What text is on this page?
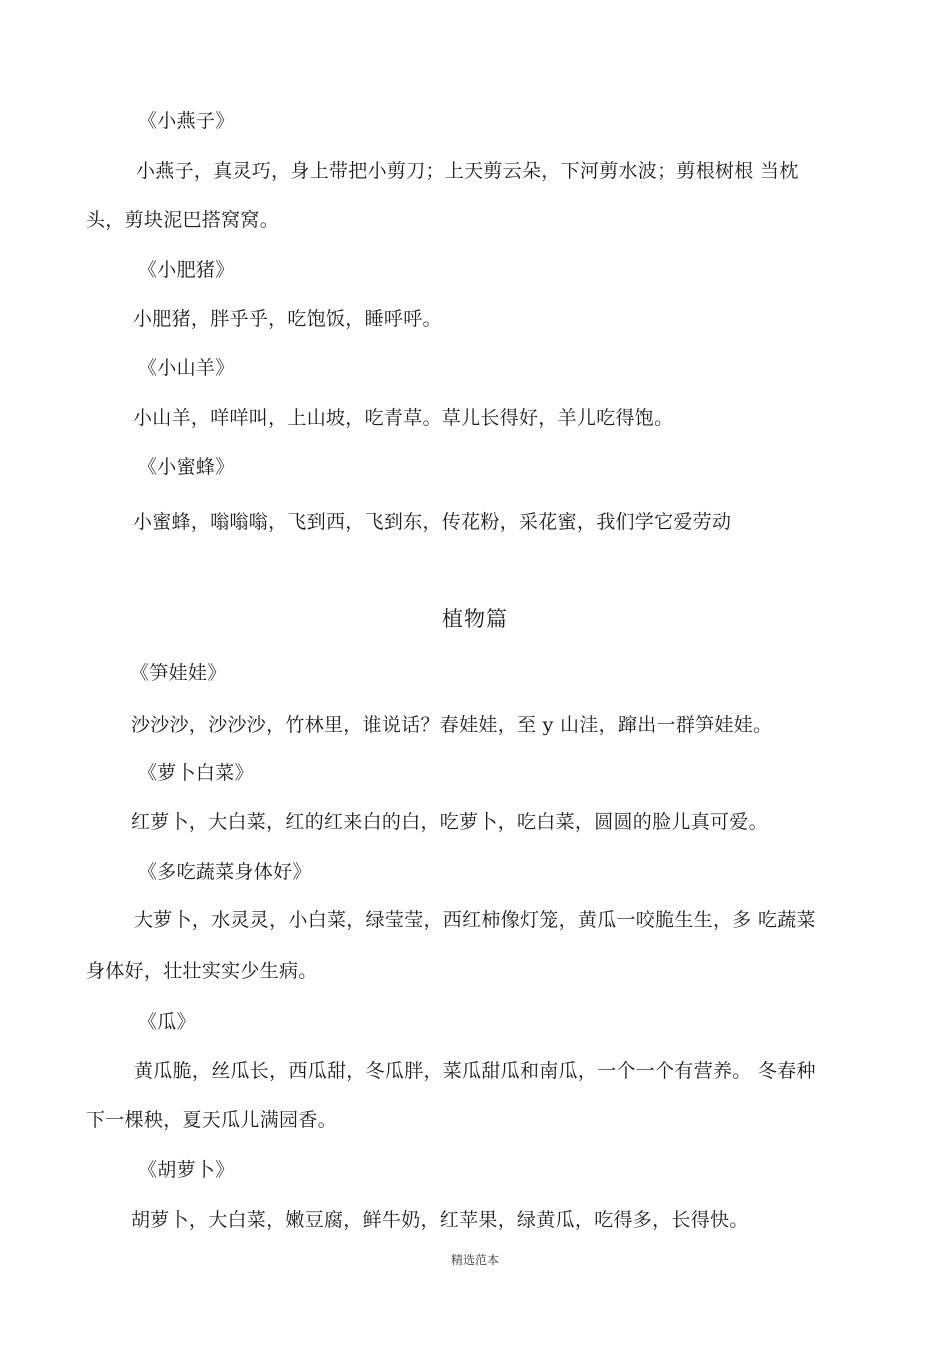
《小燕子》
小燕子，真灵巧，身上带把小剪刀；上天剪云朵，下河剪水波；剪根树根 当枕
头，剪块泥巴搭窝窝。
《小肥猪》
小肥猪，胖乎乎，吃饱饭，睡呼呼。
《小山羊》
小山羊，咩咩叫，上山坡，吃青草。草儿长得好，羊儿吃得饱。
《小蜜蜂》
小蜜蜂，嗡嗡嗡，飞到西，飞到东，传花粉，采花蜜，我们学它爱劳动
植物篇
《笋娃娃》
沙沙沙，沙沙沙，竹林里，谁说话？春娃娃，至 y 山洼，蹿出一群笋娃娃。
《萝卜白菜》
红萝卜，大白菜，红的红来白的白，吃萝卜，吃白菜，圆圆的脸儿真可爱。
《多吃蔬菜身体好》
大萝卜，水灵灵，小白菜，绿莹莹，西红柿像灯笼，黄瓜一咬脆生生，多 吃蔬菜
身体好，壮壮实实少生病。
《瓜》
黄瓜脆，丝瓜长，西瓜甜，冬瓜胖，菜瓜甜瓜和南瓜，一个一个有营养。 冬春种
下一棵秧，夏天瓜儿满园香。
《胡萝卜》
胡萝卜，大白菜，嫩豆腐，鲜牛奶，红苹果，绿黄瓜，吃得多，长得快。
精选范本
